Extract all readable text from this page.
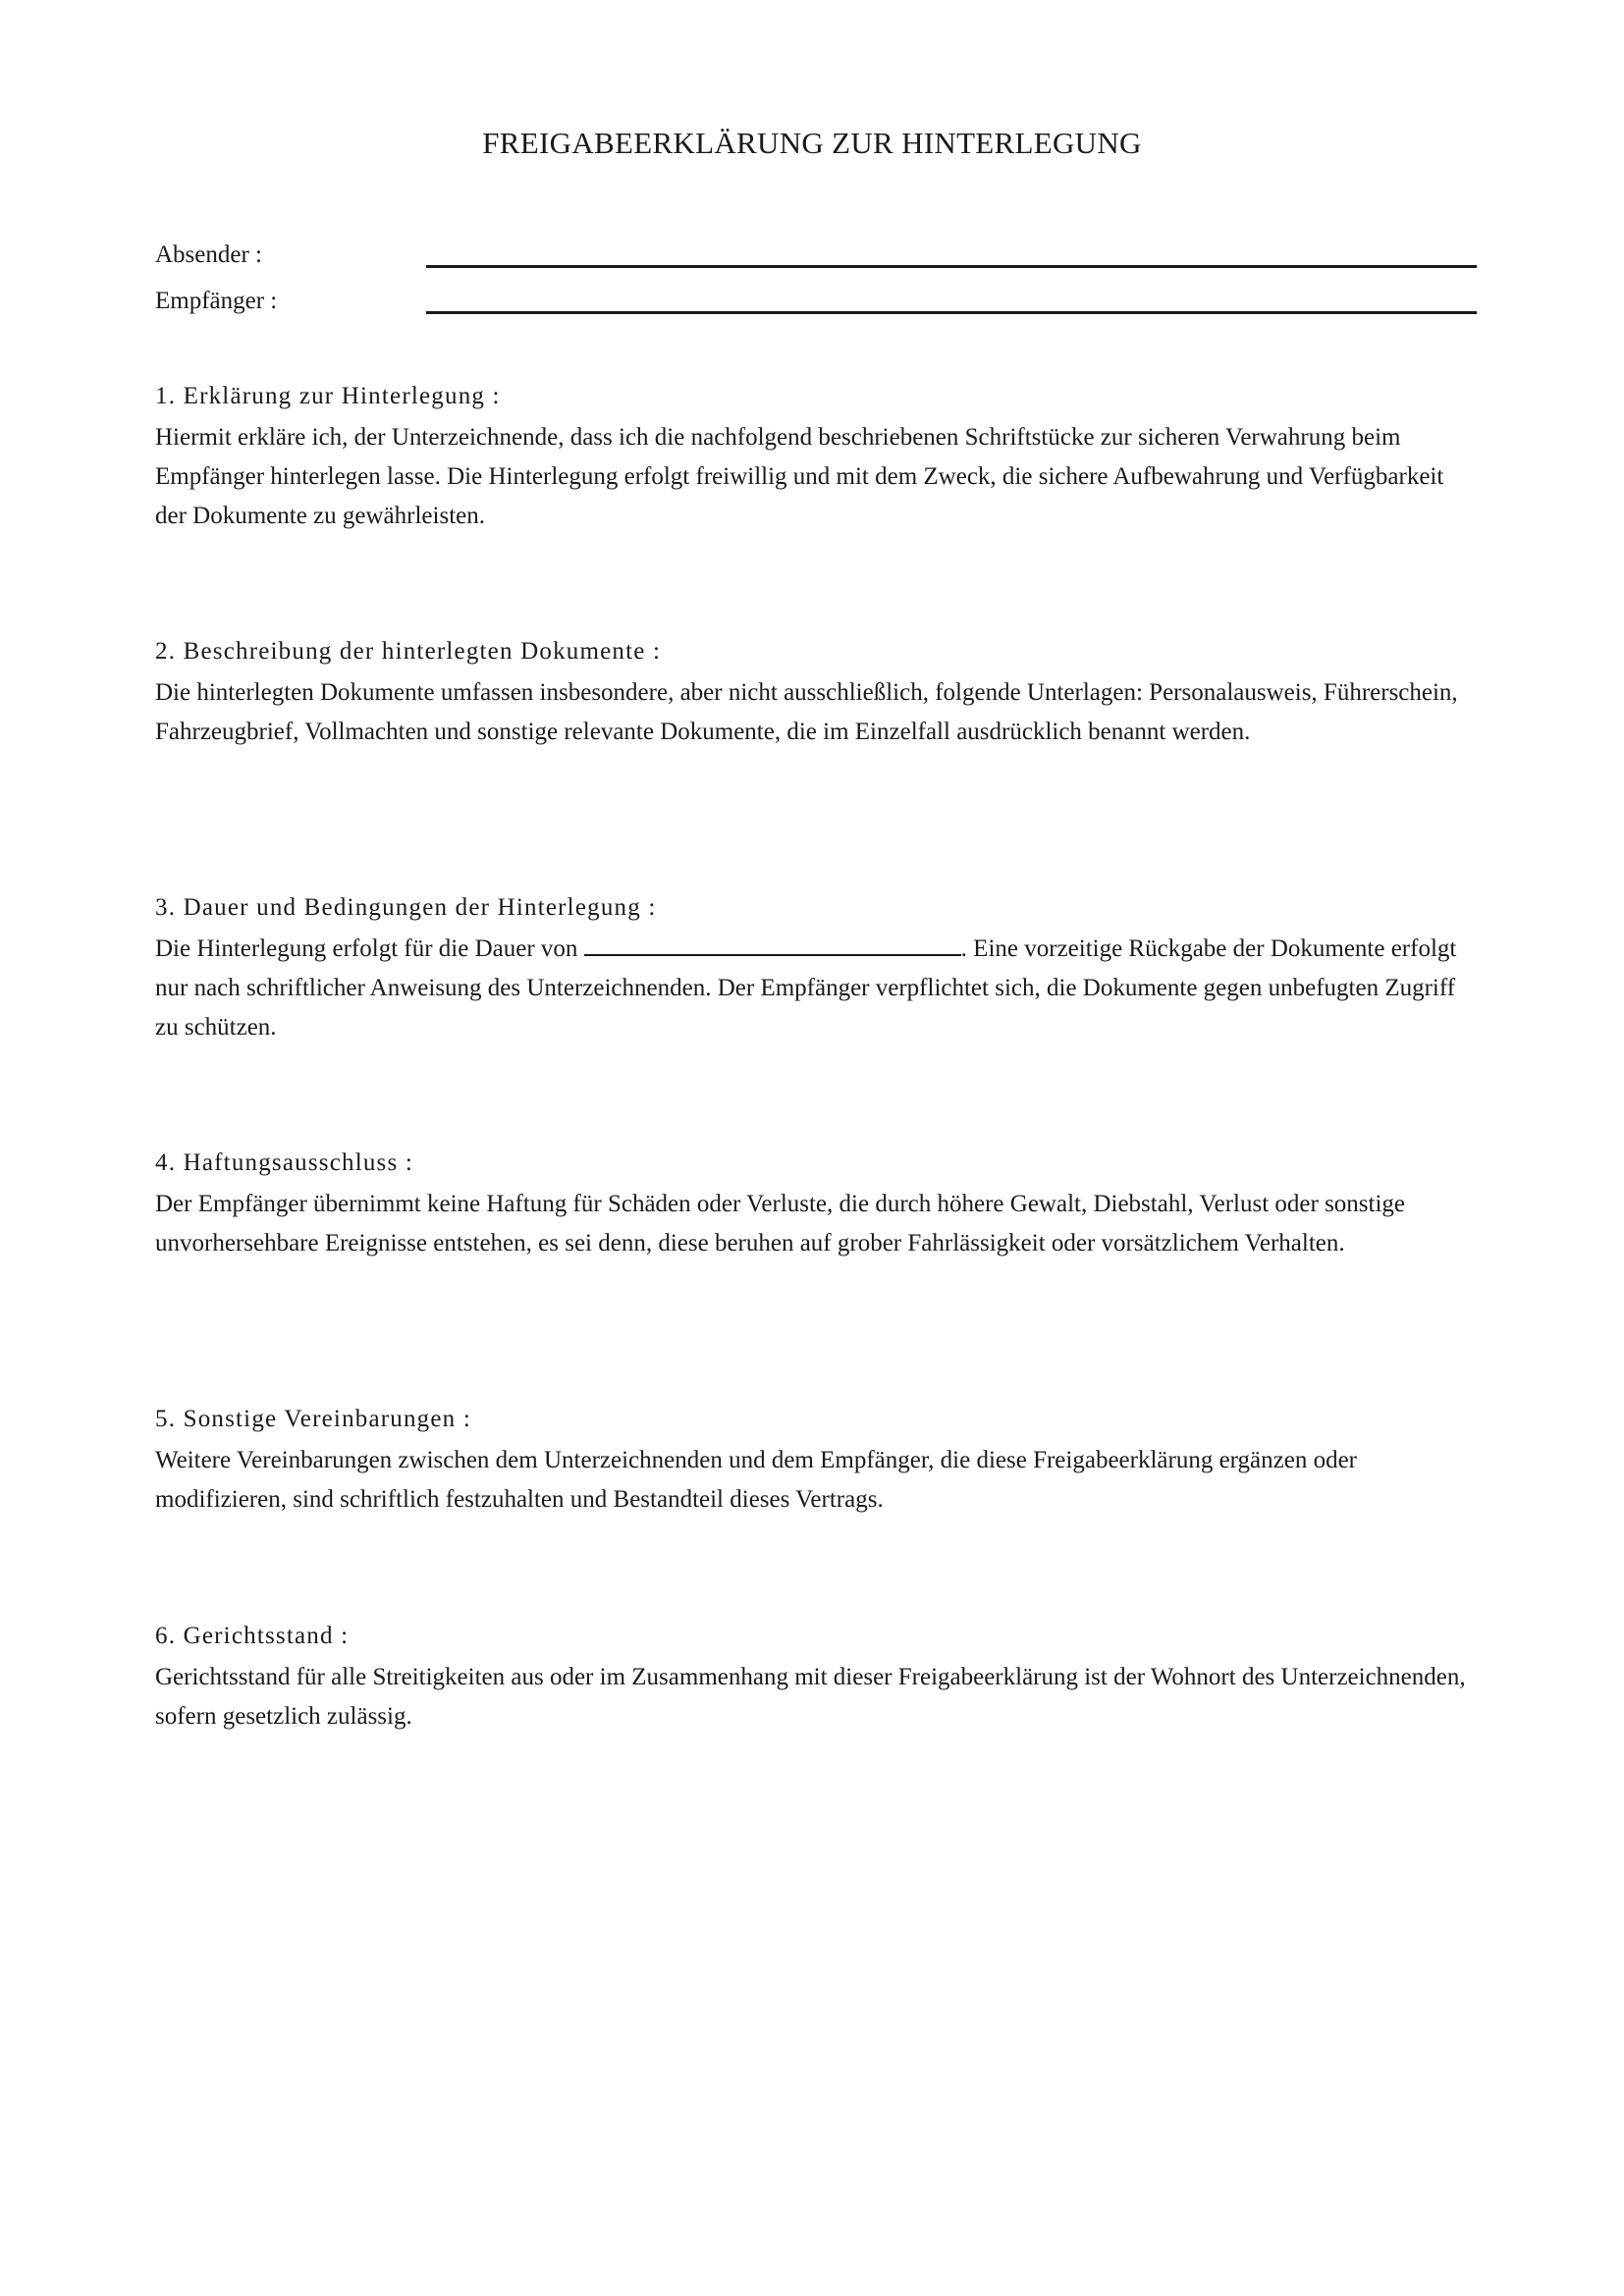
FREIGABEERKLÄRUNG ZUR HINTERLEGUNG
Absender :
Empfänger :
1. Erklärung zur Hinterlegung :

Hiermit erkläre ich, der Unterzeichnende, dass ich die nachfolgend beschriebenen Schriftstücke zur sicheren Verwahrung beim Empfänger hinterlegen lasse. Die Hinterlegung erfolgt freiwillig und mit dem Zweck, die sichere Aufbewahrung und Verfügbarkeit der Dokumente zu gewährleisten.

2. Beschreibung der hinterlegten Dokumente :

Die hinterlegten Dokumente umfassen insbesondere, aber nicht ausschließlich, folgende Unterlagen: Personalausweis, Führerschein, Fahrzeugbrief, Vollmachten und sonstige relevante Dokumente, die im Einzelfall ausdrücklich benannt werden.

3. Dauer und Bedingungen der Hinterlegung :

Die Hinterlegung erfolgt für die Dauer von	. Eine vorzeitige Rückgabe der Dokumente erfolgt nur nach schriftlicher Anweisung des Unterzeichnenden. Der Empfänger verpflichtet sich, die Dokumente gegen unbefugten Zugriff zu schützen.

4. Haftungsausschluss :

Der Empfänger übernimmt keine Haftung für Schäden oder Verluste, die durch höhere Gewalt, Diebstahl, Verlust oder sonstige unvorhersehbare Ereignisse entstehen, es sei denn, diese beruhen auf grober Fahrlässigkeit oder vorsätzlichem Verhalten.

5. Sonstige Vereinbarungen :

Weitere Vereinbarungen zwischen dem Unterzeichnenden und dem Empfänger, die diese Freigabeerklärung ergänzen oder modifizieren, sind schriftlich festzuhalten und Bestandteil dieses Vertrags.

6. Gerichtsstand :

Gerichtsstand für alle Streitigkeiten aus oder im Zusammenhang mit dieser Freigabeerklärung ist der Wohnort des Unterzeichnenden, sofern gesetzlich zulässig.
